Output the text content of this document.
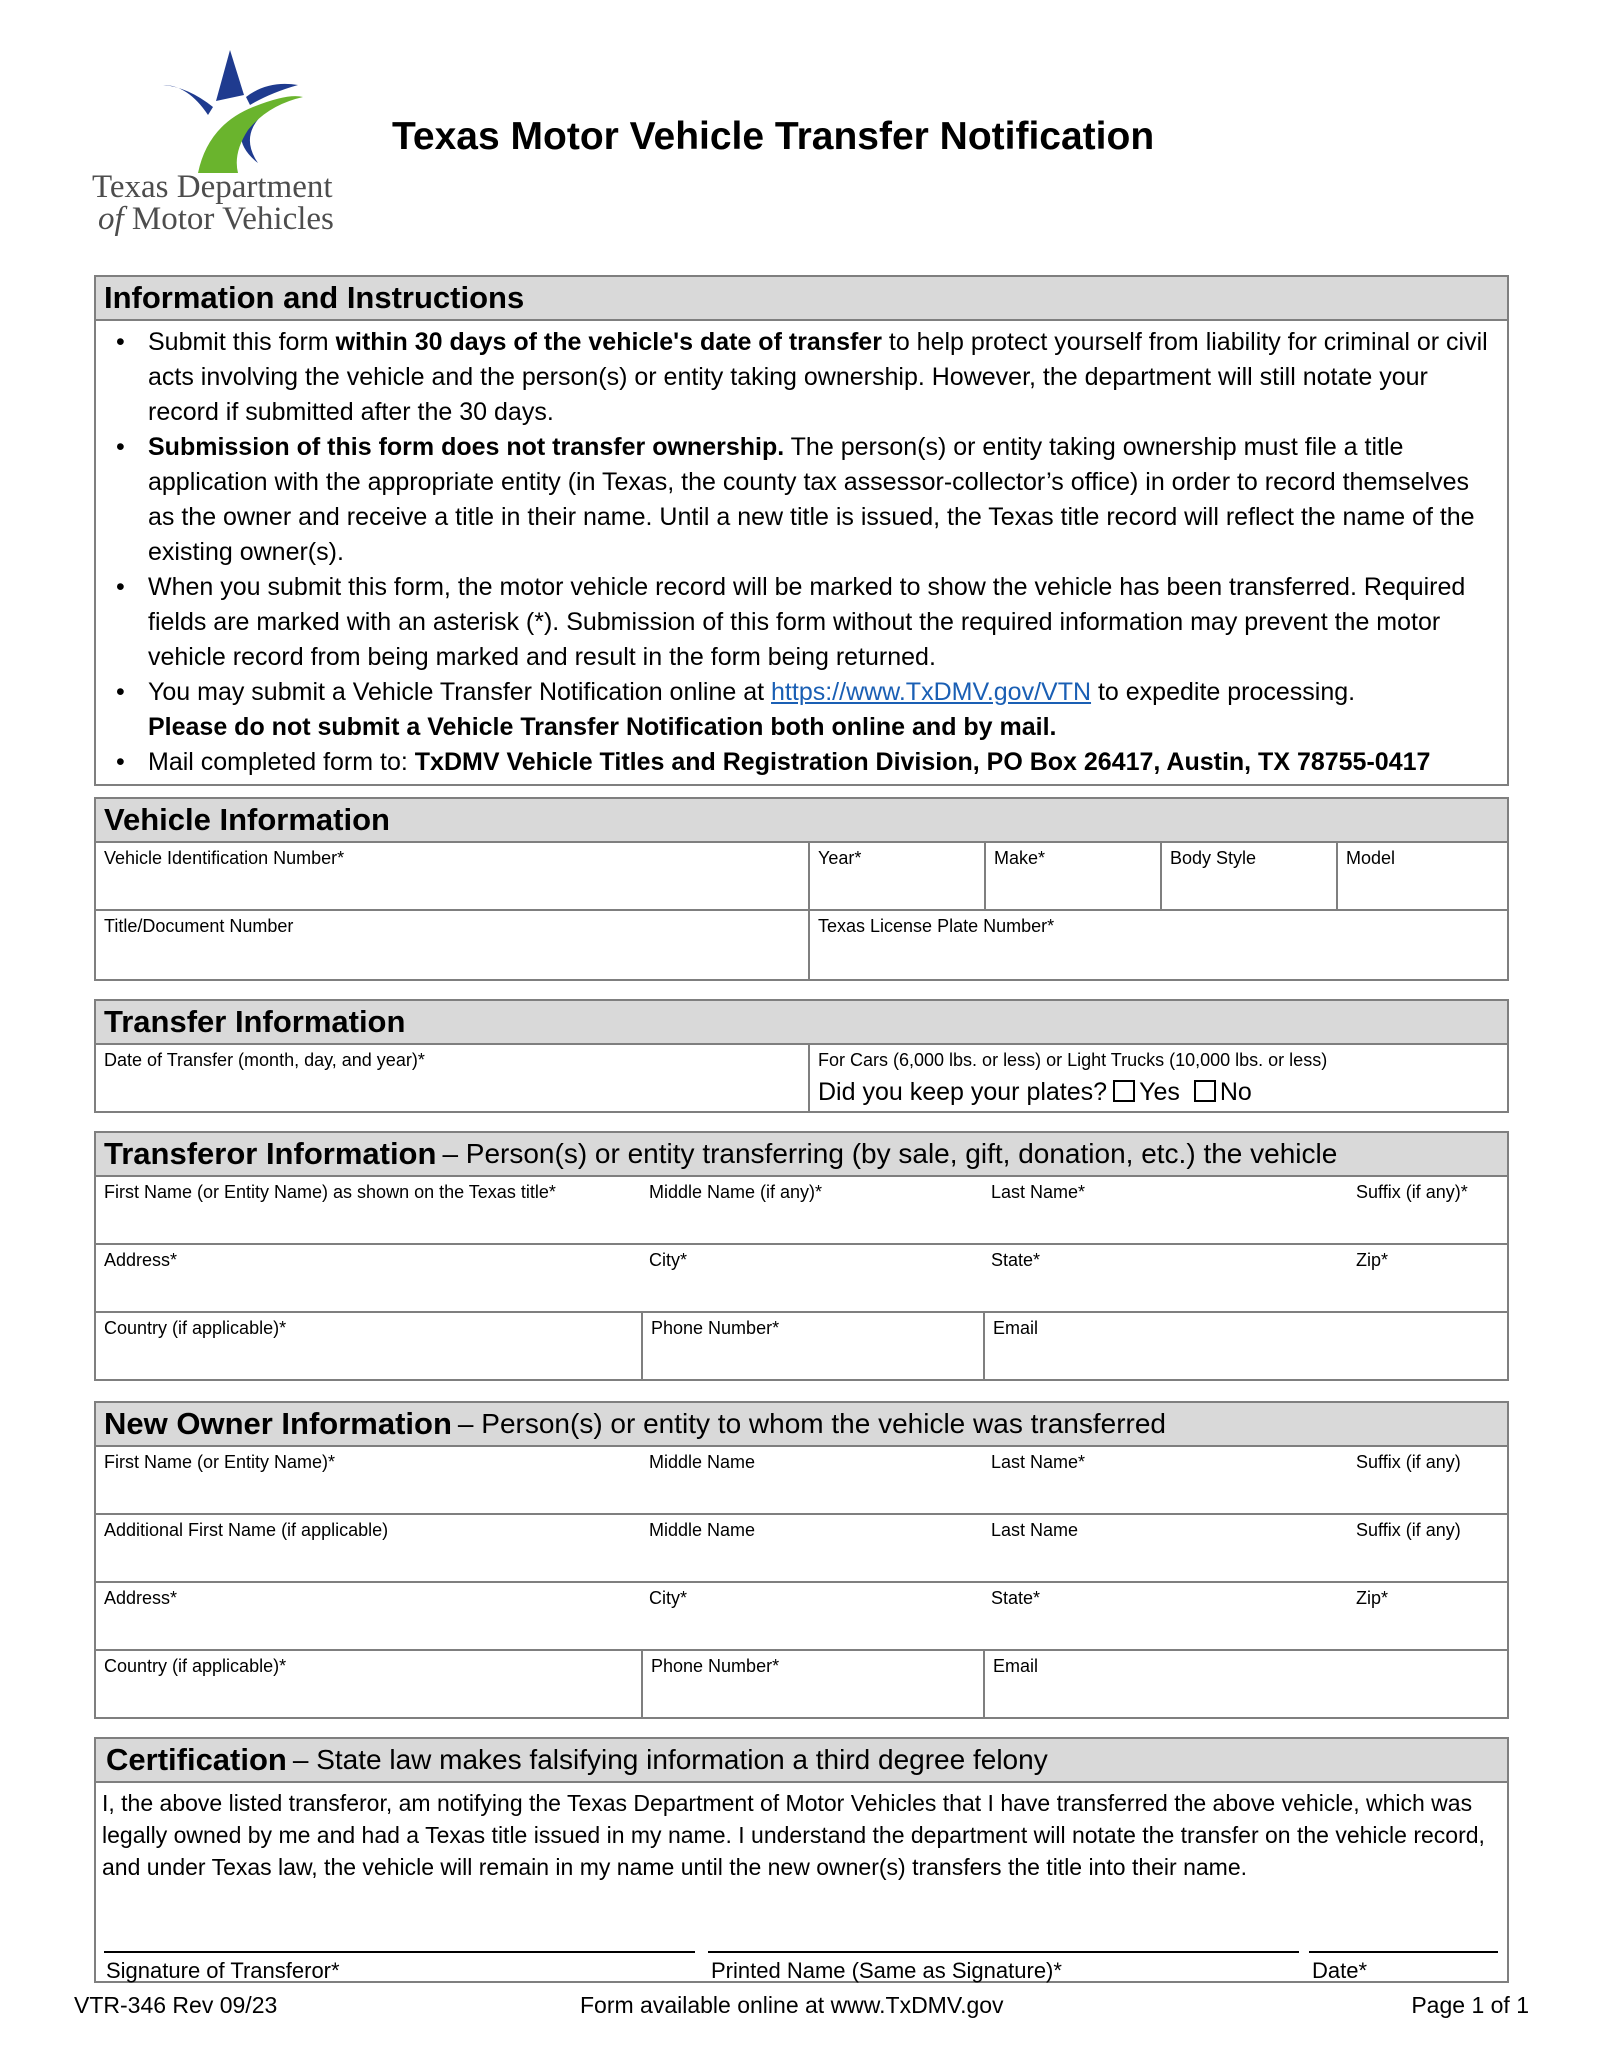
Texas Department
of Motor Vehicles
Texas Motor Vehicle Transfer Notification
Information and Instructions
• Submit this form within 30 days of the vehicle's date of transfer to help protect yourself from liability for criminal or civil acts involving the vehicle and the person(s) or entity taking ownership. However, the department will still notate your record if submitted after the 30 days.
• Submission of this form does not transfer ownership. The person(s) or entity taking ownership must file a title application with the appropriate entity (in Texas, the county tax assessor-collector’s office) in order to record themselves as the owner and receive a title in their name. Until a new title is issued, the Texas title record will reflect the name of the existing owner(s).
• When you submit this form, the motor vehicle record will be marked to show the vehicle has been transferred. Required fields are marked with an asterisk (*). Submission of this form without the required information may prevent the motor vehicle record from being marked and result in the form being returned.
• You may submit a Vehicle Transfer Notification online at https://www.TxDMV.gov/VTN to expedite processing.
Please do not submit a Vehicle Transfer Notification both online and by mail.
• Mail completed form to: TxDMV Vehicle Titles and Registration Division, PO Box 26417, Austin, TX 78755-0417
Vehicle Information
Vehicle Identification Number*	Year*	Make*	Body Style	Model
Title/Document Number	Texas License Plate Number*
Transfer Information
Date of Transfer (month, day, and year)*	For Cars (6,000 lbs. or less) or Light Trucks (10,000 lbs. or less)
Did you keep your plates? Yes No
Transferor Information – Person(s) or entity transferring (by sale, gift, donation, etc.) the vehicle
First Name (or Entity Name) as shown on the Texas title*	Middle Name (if any)*	Last Name*	Suffix (if any)*
Address*	City*	State*	Zip*
Country (if applicable)*	Phone Number*	Email
New Owner Information – Person(s) or entity to whom the vehicle was transferred
First Name (or Entity Name)*	Middle Name	Last Name*	Suffix (if any)
Additional First Name (if applicable)	Middle Name	Last Name	Suffix (if any)
Address*	City*	State*	Zip*
Country (if applicable)*	Phone Number*	Email
Certification – State law makes falsifying information a third degree felony
I, the above listed transferor, am notifying the Texas Department of Motor Vehicles that I have transferred the above vehicle, which was legally owned by me and had a Texas title issued in my name. I understand the department will notate the transfer on the vehicle record, and under Texas law, the vehicle will remain in my name until the new owner(s) transfers the title into their name.
Signature of Transferor*	Printed Name (Same as Signature)*	Date*
VTR-346 Rev 09/23	Form available online at www.TxDMV.gov	Page 1 of 1
